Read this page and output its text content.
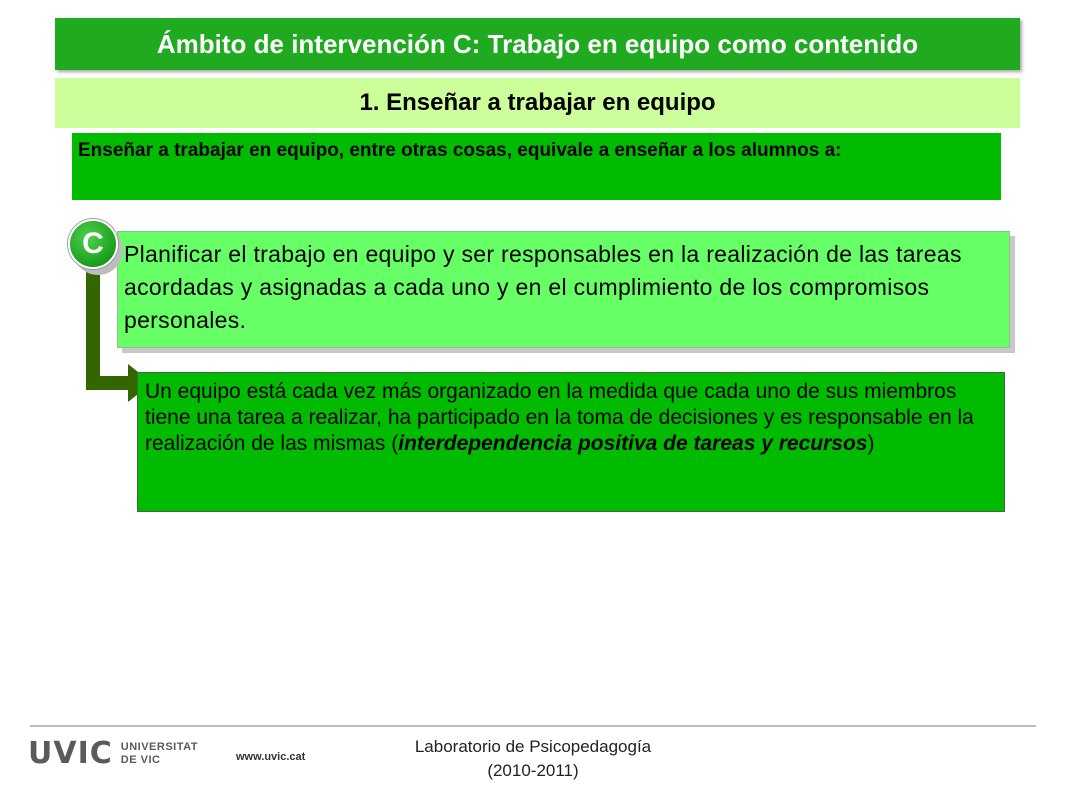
Ámbito de intervención C: Trabajo en equipo como contenido
1. Enseñar a trabajar en equipo
Enseñar a trabajar en equipo, entre otras cosas, equivale a enseñar a los alumnos a:
Planificar el trabajo en equipo y ser responsables en la realización de las tareas acordadas y asignadas a cada uno y en el cumplimiento de los compromisos personales.
C
Un equipo está cada vez más organizado en la medida que cada uno de sus miembros tiene una tarea a realizar, ha participado en la toma de decisiones y es responsable en la realización de las mismas (interdependencia positiva de tareas y recursos)
UVIC UNIVERSITAT
DE VIC	www.uvic.cat
Laboratorio de Psicopedagogía
(2010-2011)
